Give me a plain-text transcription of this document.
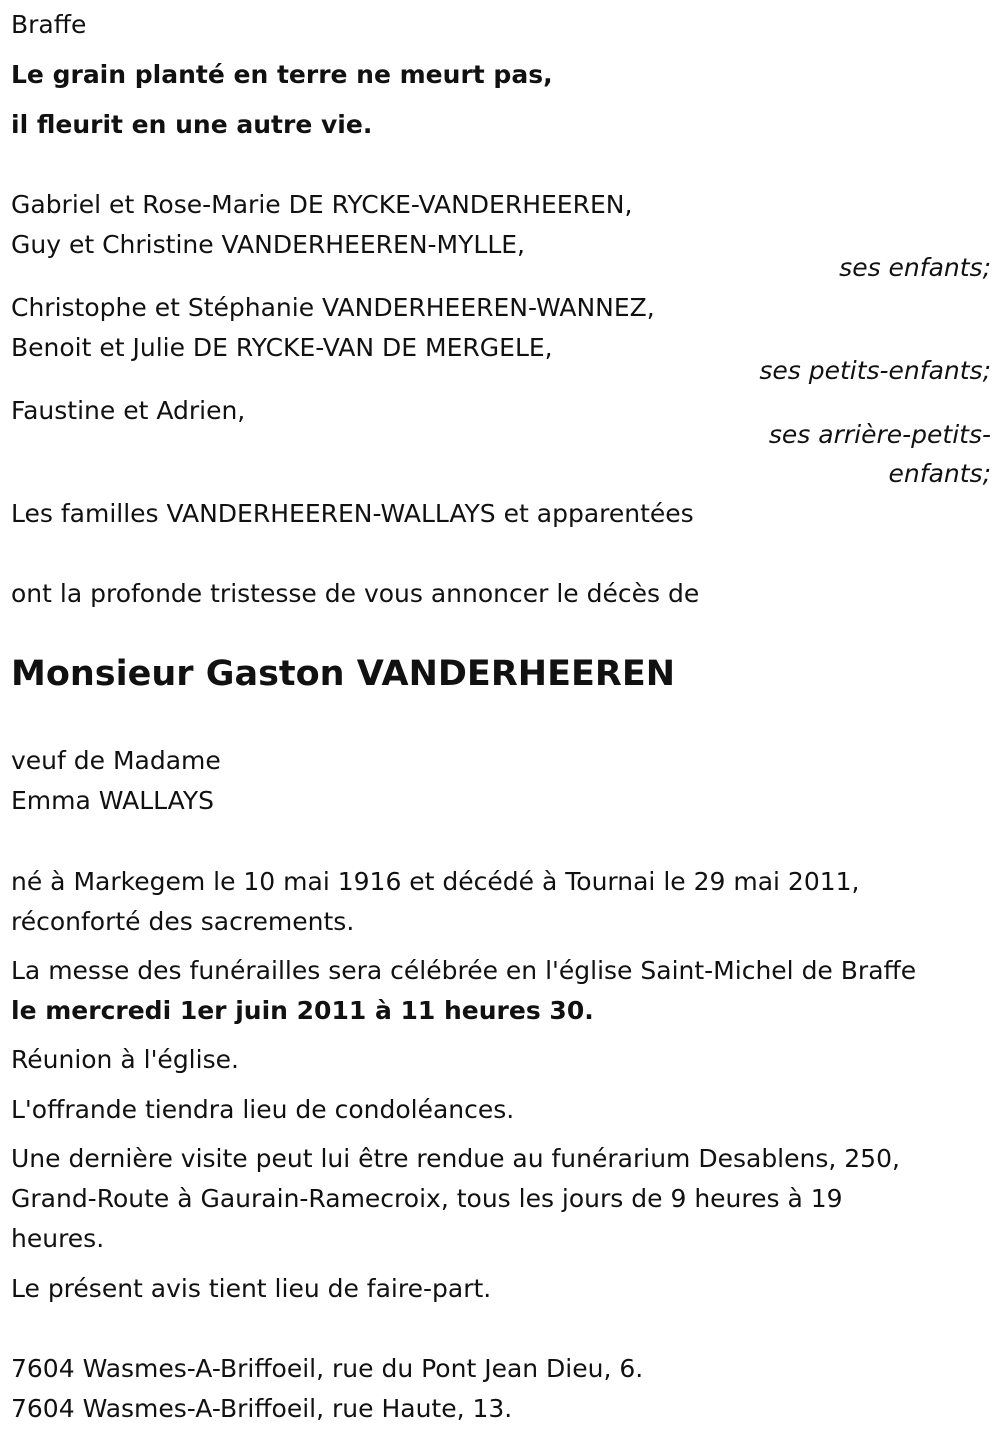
Braffe
Le grain planté en terre ne meurt pas,
il fleurit en une autre vie.
Gabriel et Rose-Marie DE RYCKE-VANDERHEEREN,
Guy et Christine VANDERHEEREN-MYLLE,
ses enfants;
Christophe et Stéphanie VANDERHEEREN-WANNEZ,
Benoit et Julie DE RYCKE-VAN DE MERGELE,
ses petits-enfants;
Faustine et Adrien,
ses arrière-petits-
enfants;
Les familles VANDERHEEREN-WALLAYS et apparentées
ont la profonde tristesse de vous annoncer le décès de
Monsieur Gaston VANDERHEEREN
veuf de Madame
Emma WALLAYS
né à Markegem le 10 mai 1916 et décédé à Tournai le 29 mai 2011,
réconforté des sacrements.
La messe des funérailles sera célébrée en l'église Saint-Michel de Braffe
le mercredi 1er juin 2011 à 11 heures 30.
Réunion à l'église.
L'offrande tiendra lieu de condoléances.
Une dernière visite peut lui être rendue au funérarium Desablens, 250,
Grand-Route à Gaurain-Ramecroix, tous les jours de 9 heures à 19
heures.
Le présent avis tient lieu de faire-part.
7604 Wasmes-A-Briffoeil, rue du Pont Jean Dieu, 6.
7604 Wasmes-A-Briffoeil, rue Haute, 13.
